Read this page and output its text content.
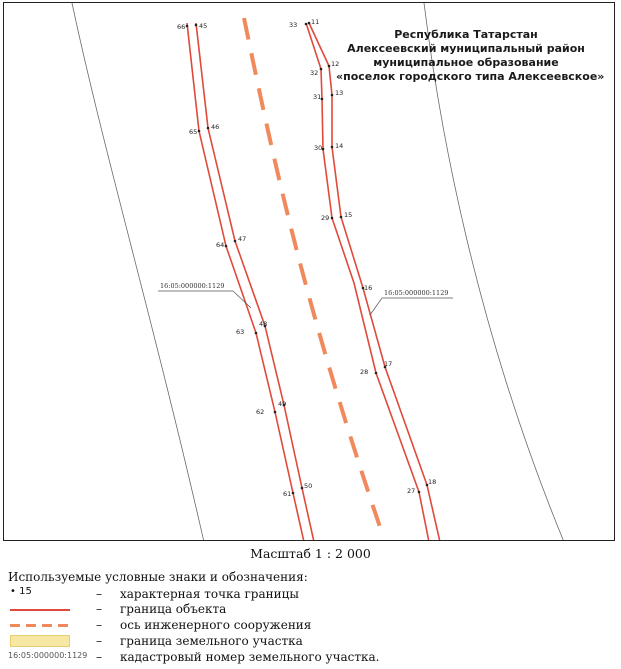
66
65
64
63
62
61
45
46
47
48
49
50
33
32
31
30
29
28
27
11
12
13
14
15
16
17
18
16:05:000000:1129
16:05:000000:1129
Республика Татарстан
Алексеевский муниципальный район
муниципальное образование
«поселок городского типа Алексеевское»
Масштаб 1 : 2 000
Используемые условные знаки и обозначения:
• 15	– характерная точка границы
– граница объекта
– ось инженерного сооружения
– граница земельного участка
16:05:000000:1129 – кадастровый номер земельного участка.
